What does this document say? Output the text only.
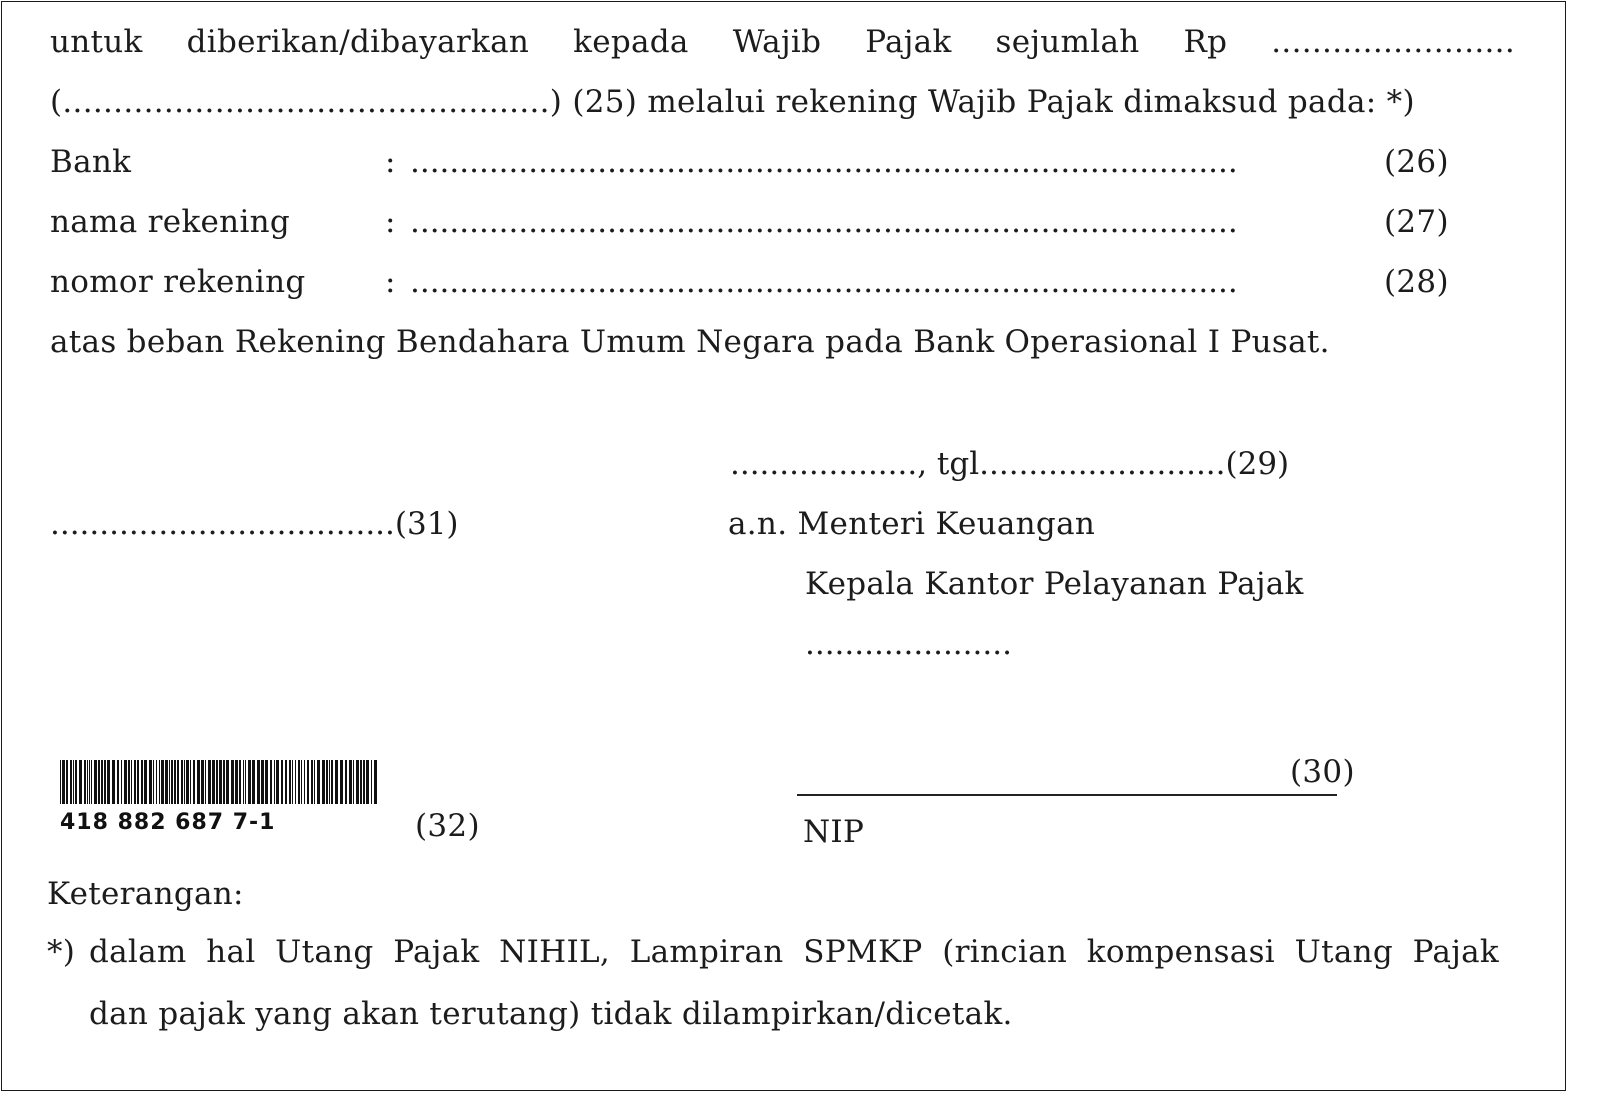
untuk diberikan/dibayarkan kepada Wajib Pajak sejumlah Rp ........................
(................................................) (25) melalui rekening Wajib Pajak dimaksud pada: *)
Bank	: ....................................................................................	(26)
nama rekening	: ....................................................................................	(27)
nomor rekening	: ....................................................................................	(28)
atas beban Rekening Bendahara Umum Negara pada Bank Operasional I Pusat.
..................., tgl.........................(29)
...................................(31)	a.n. Menteri Keuangan
Kepala Kantor Pelayanan Pajak
.....................
418 882 687 7-1	(32)
(30)
NIP
Keterangan:
*) dalam hal Utang Pajak NIHIL, Lampiran SPMKP (rincian kompensasi Utang Pajak
dan pajak yang akan terutang) tidak dilampirkan/dicetak.
